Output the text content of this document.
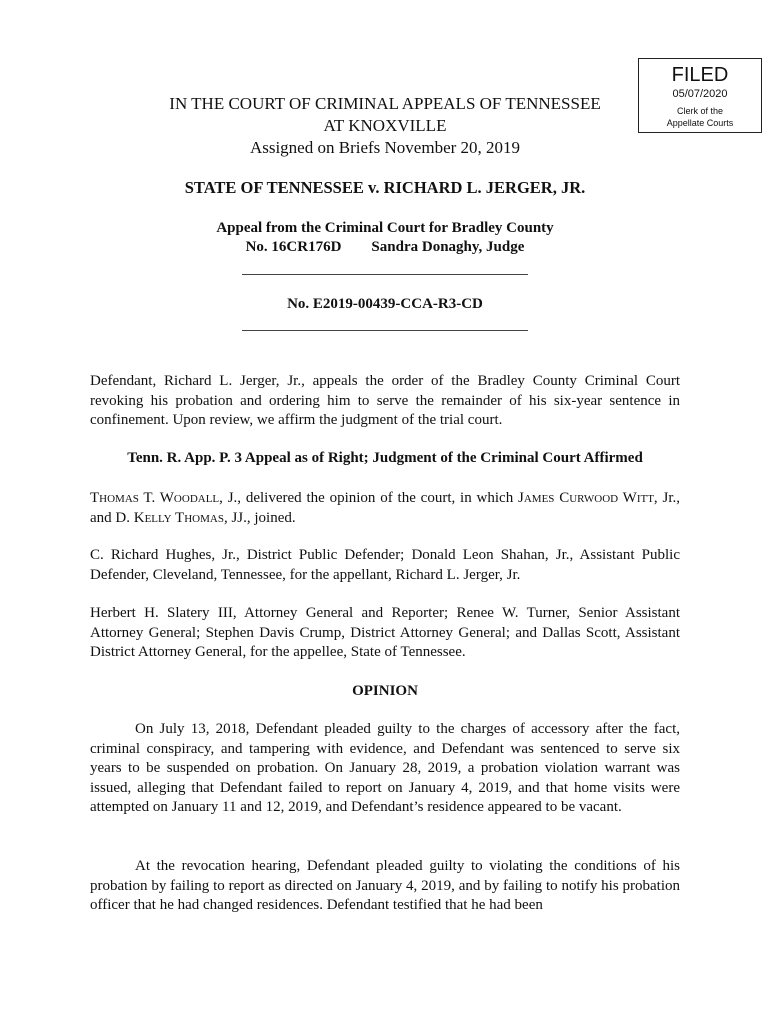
FILED
05/07/2020
Clerk of the
Appellate Courts
IN THE COURT OF CRIMINAL APPEALS OF TENNESSEE
AT KNOXVILLE
Assigned on Briefs November 20, 2019
STATE OF TENNESSEE v. RICHARD L. JERGER, JR.
Appeal from the Criminal Court for Bradley County
No. 16CR176D        Sandra Donaghy, Judge
No. E2019-00439-CCA-R3-CD
Defendant, Richard L. Jerger, Jr., appeals the order of the Bradley County Criminal Court revoking his probation and ordering him to serve the remainder of his six-year sentence in confinement. Upon review, we affirm the judgment of the trial court.
Tenn. R. App. P. 3 Appeal as of Right; Judgment of the Criminal Court Affirmed
Thomas T. Woodall, J., delivered the opinion of the court, in which James Curwood Witt, Jr., and D. Kelly Thomas, JJ., joined.
C. Richard Hughes, Jr., District Public Defender; Donald Leon Shahan, Jr., Assistant Public Defender, Cleveland, Tennessee, for the appellant, Richard L. Jerger, Jr.
Herbert H. Slatery III, Attorney General and Reporter; Renee W. Turner, Senior Assistant Attorney General; Stephen Davis Crump, District Attorney General; and Dallas Scott, Assistant District Attorney General, for the appellee, State of Tennessee.
OPINION
On July 13, 2018, Defendant pleaded guilty to the charges of accessory after the fact, criminal conspiracy, and tampering with evidence, and Defendant was sentenced to serve six years to be suspended on probation. On January 28, 2019, a probation violation warrant was issued, alleging that Defendant failed to report on January 4, 2019, and that home visits were attempted on January 11 and 12, 2019, and Defendant’s residence appeared to be vacant.
At the revocation hearing, Defendant pleaded guilty to violating the conditions of his probation by failing to report as directed on January 4, 2019, and by failing to notify his probation officer that he had changed residences. Defendant testified that he had been
